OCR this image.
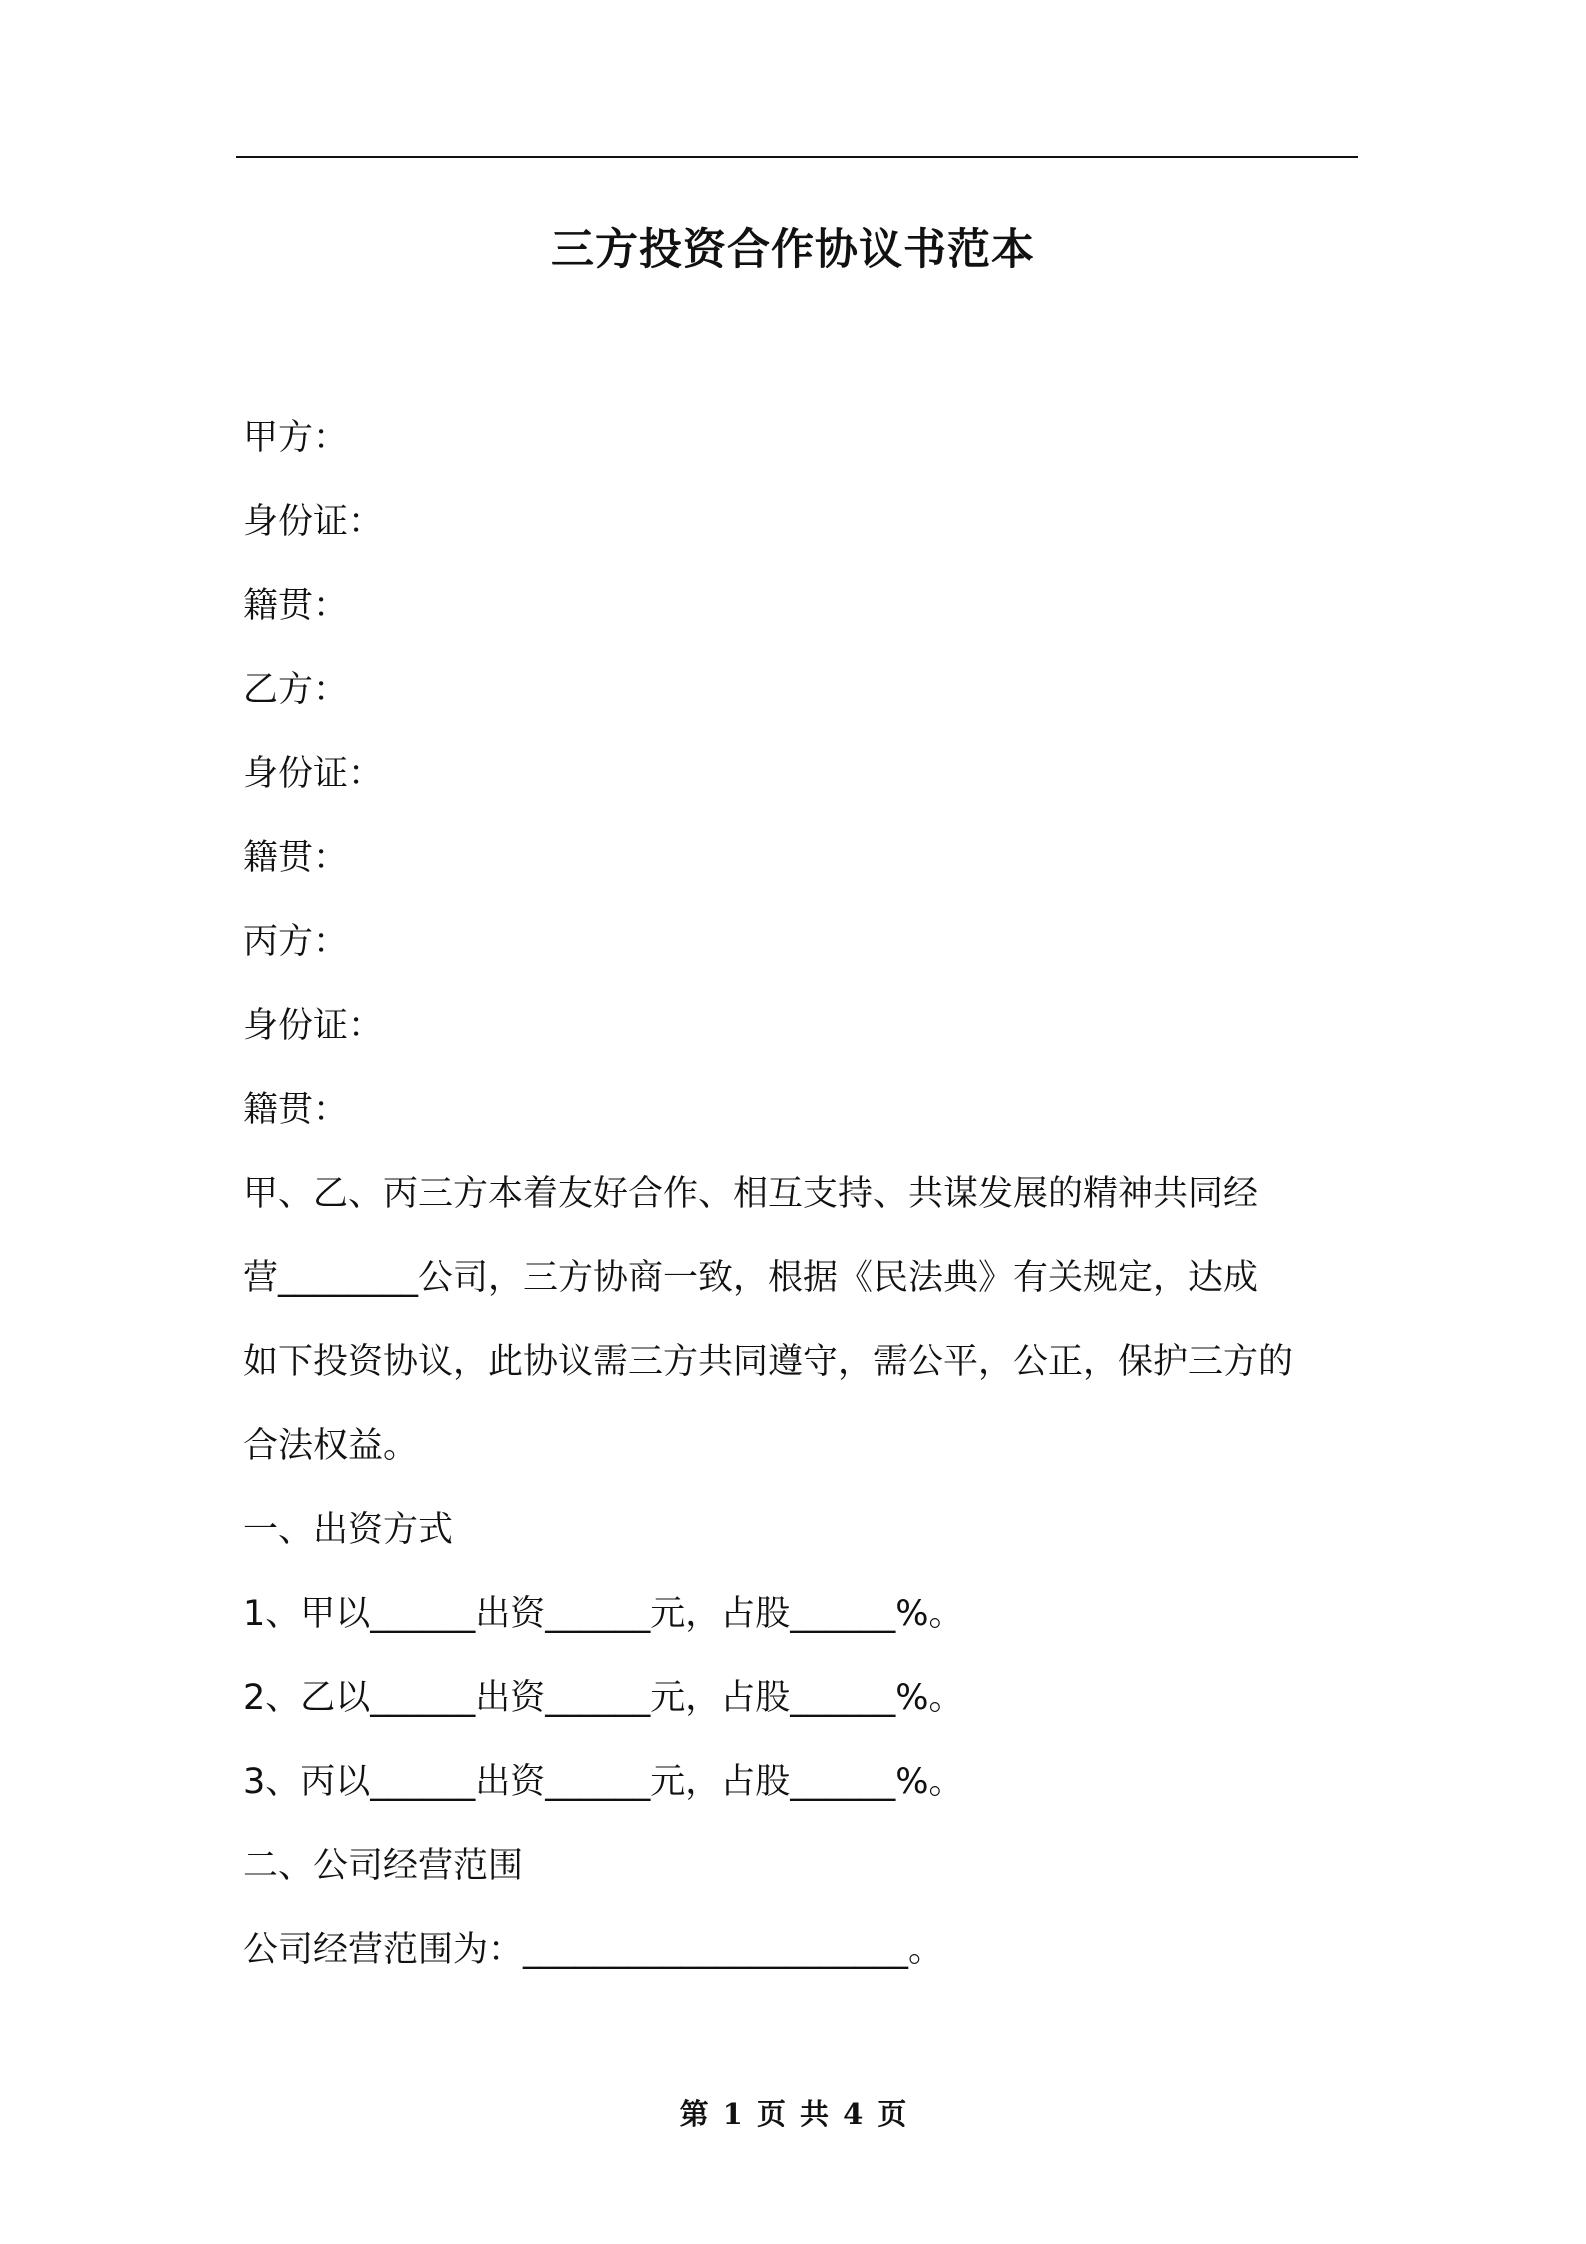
三方投资合作协议书范本
甲方：
身份证：
籍贯：
乙方：
身份证：
籍贯：
丙方：
身份证：
籍贯：
甲、乙、丙三方本着友好合作、相互支持、共谋发展的精神共同经
营________公司，三方协商一致，根据《民法典》有关规定，达成
如下投资协议，此协议需三方共同遵守，需公平，公正，保护三方的
合法权益。
一、出资方式
1、甲以______出资______元，占股______%。
2、乙以______出资______元，占股______%。
3、丙以______出资______元，占股______%。
二、公司经营范围
公司经营范围为：______________________。
第 1 页 共 4 页
